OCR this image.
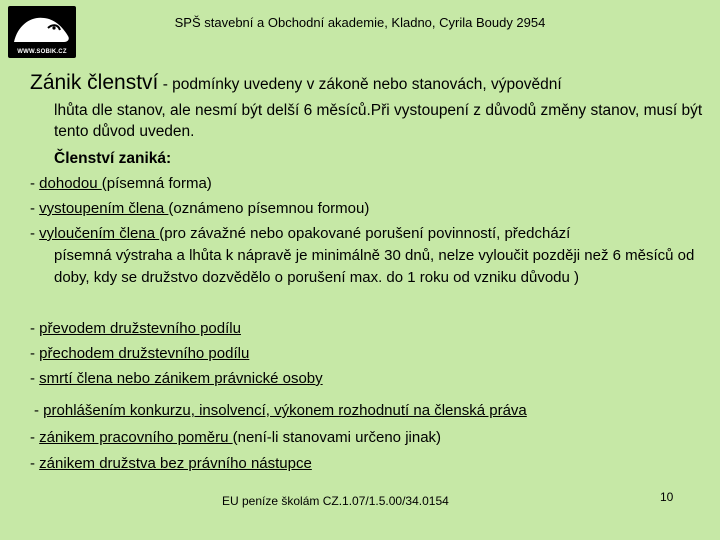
WWW.SOBIK.CZ
SPŠ stavební a Obchodní akademie, Kladno, Cyrila Boudy 2954
Zánik členství - podmínky uvedeny v zákoně nebo stanovách, výpovědní
lhůta dle stanov, ale nesmí být delší 6 měsíců.Při vystoupení z důvodů změny stanov, musí být tento důvod uveden.
Členství zaniká:
- dohodou (písemná forma)
- vystoupením člena (oznámeno písemnou formou)
- vyloučením člena (pro závažné nebo opakované porušení povinností, předchází
písemná výstraha a lhůta k nápravě je minimálně 30 dnů, nelze vyloučit později než 6 měsíců od doby, kdy se družstvo dozvědělo o porušení max. do 1 roku od vzniku důvodu )
- převodem družstevního podílu
- přechodem družstevního podílu
- smrtí člena nebo zánikem právnické osoby
- prohlášením konkurzu, insolvencí, výkonem rozhodnutí na členská práva
- zánikem pracovního poměru (není-li stanovami určeno jinak)
- zánikem družstva bez právního nástupce
EU peníze školám CZ.1.07/1.5.00/34.0154	10
